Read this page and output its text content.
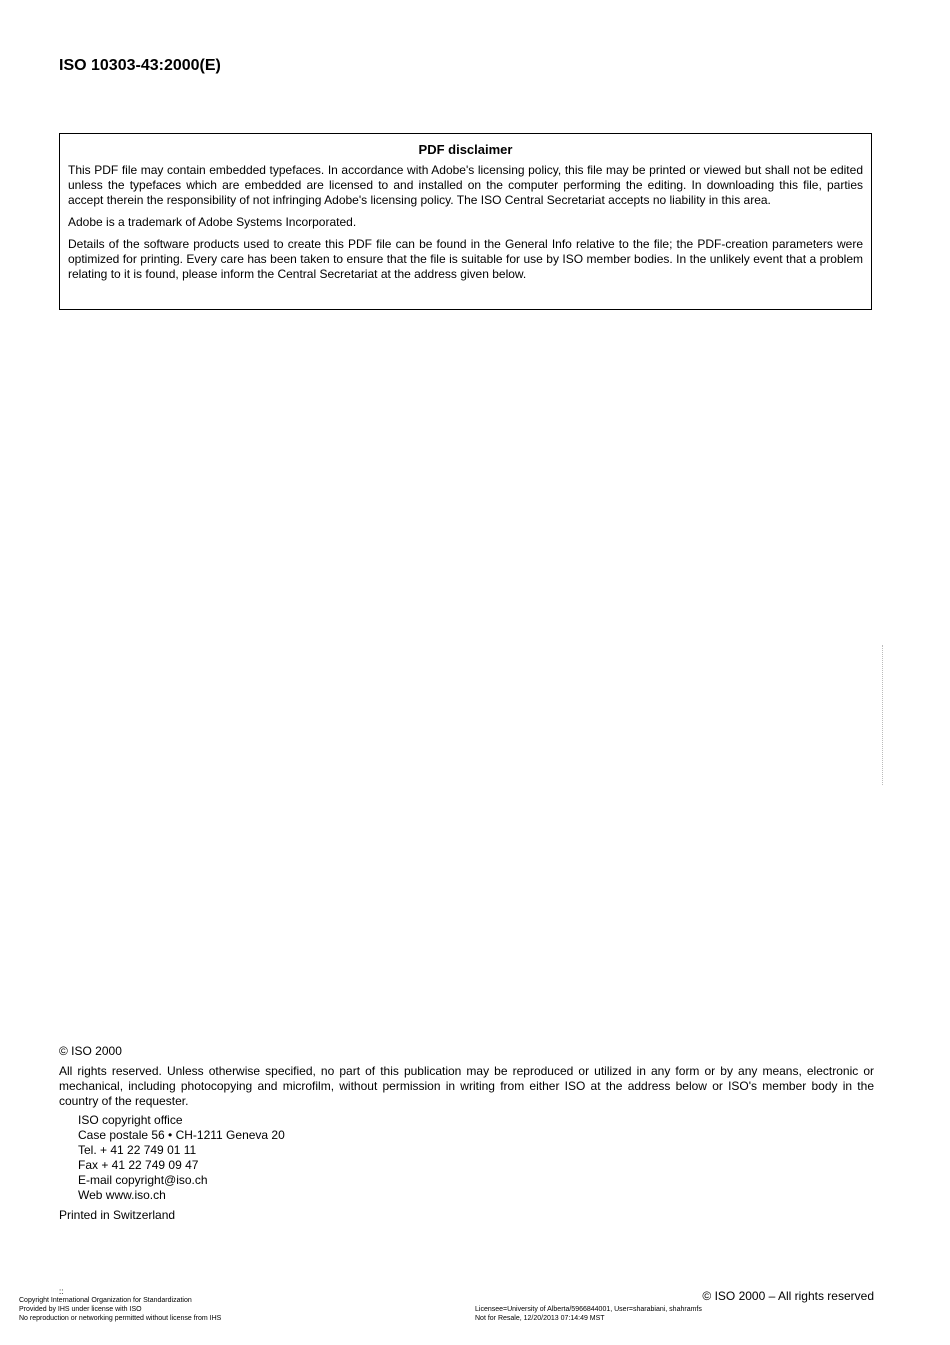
ISO 10303-43:2000(E)
PDF disclaimer

This PDF file may contain embedded typefaces. In accordance with Adobe's licensing policy, this file may be printed or viewed but shall not be edited unless the typefaces which are embedded are licensed to and installed on the computer performing the editing. In downloading this file, parties accept therein the responsibility of not infringing Adobe's licensing policy. The ISO Central Secretariat accepts no liability in this area.

Adobe is a trademark of Adobe Systems Incorporated.

Details of the software products used to create this PDF file can be found in the General Info relative to the file; the PDF-creation parameters were optimized for printing. Every care has been taken to ensure that the file is suitable for use by ISO member bodies. In the unlikely event that a problem relating to it is found, please inform the Central Secretariat at the address given below.

© ISO 2000
All rights reserved. Unless otherwise specified, no part of this publication may be reproduced or utilized in any form or by any means, electronic or mechanical, including photocopying and microfilm, without permission in writing from either ISO at the address below or ISO's member body in the country of the requester.
ISO copyright office
Case postale 56 • CH-1211 Geneva 20
Tel. + 41 22 749 01 11
Fax + 41 22 749 09 47
E-mail copyright@iso.ch
Web www.iso.ch
Printed in Switzerland
::
Copyright International Organization for Standardization
Provided by IHS under license with ISO
No reproduction or networking permitted without license from IHS
Licensee=University of Alberta/5966844001, User=sharabiani, shahramfs
Not for Resale, 12/20/2013 07:14:49 MST
© ISO 2000 – All rights reserved
